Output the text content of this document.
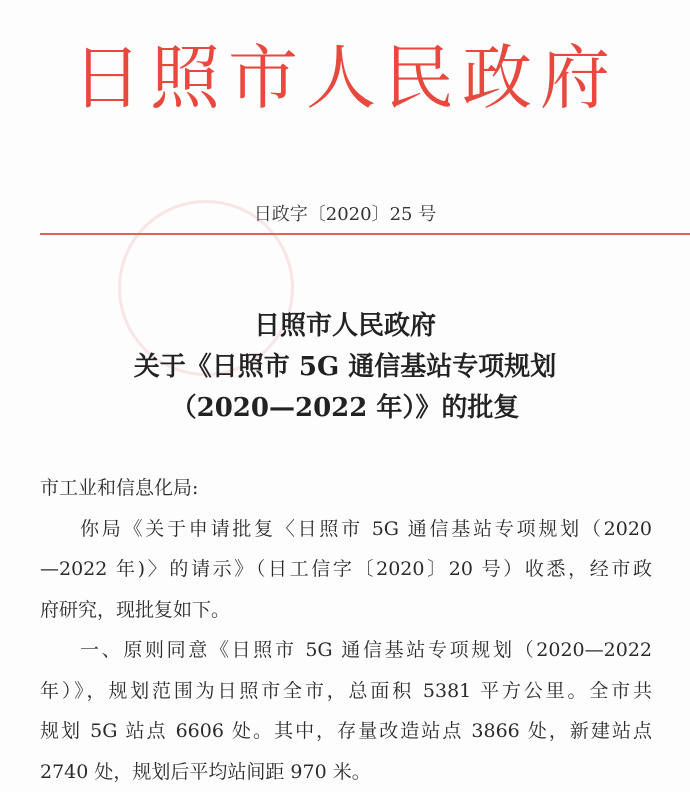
日照市人民政府
日政字〔2020〕25 号
日照市人民政府
关于《日照市 5G 通信基站专项规划
（2020—2022 年）》的批复
市工业和信息化局:
你局《关于申请批复〈日照市 5G 通信基站专项规划（2020
—2022 年)〉的请示》（日工信字〔2020〕20 号）收悉，经市政
府研究，现批复如下。
一、原则同意《日照市 5G 通信基站专项规划（2020—2022
年）》，规划范围为日照市全市，总面积 5381 平方公里。全市共
规划 5G 站点 6606 处。其中，存量改造站点 3866 处，新建站点
2740 处，规划后平均站间距 970 米。
